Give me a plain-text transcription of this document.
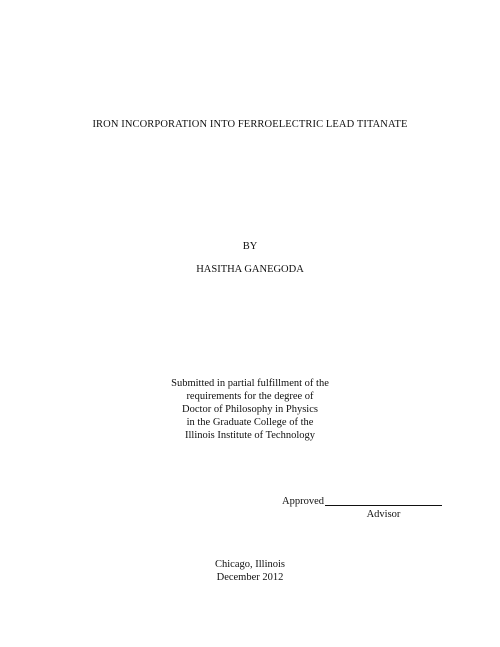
IRON INCORPORATION INTO FERROELECTRIC LEAD TITANATE
BY
HASITHA GANEGODA
Submitted in partial fulfillment of the
requirements for the degree of
Doctor of Philosophy in Physics
in the Graduate College of the
Illinois Institute of Technology
Approved
Advisor
Chicago, Illinois
December 2012
